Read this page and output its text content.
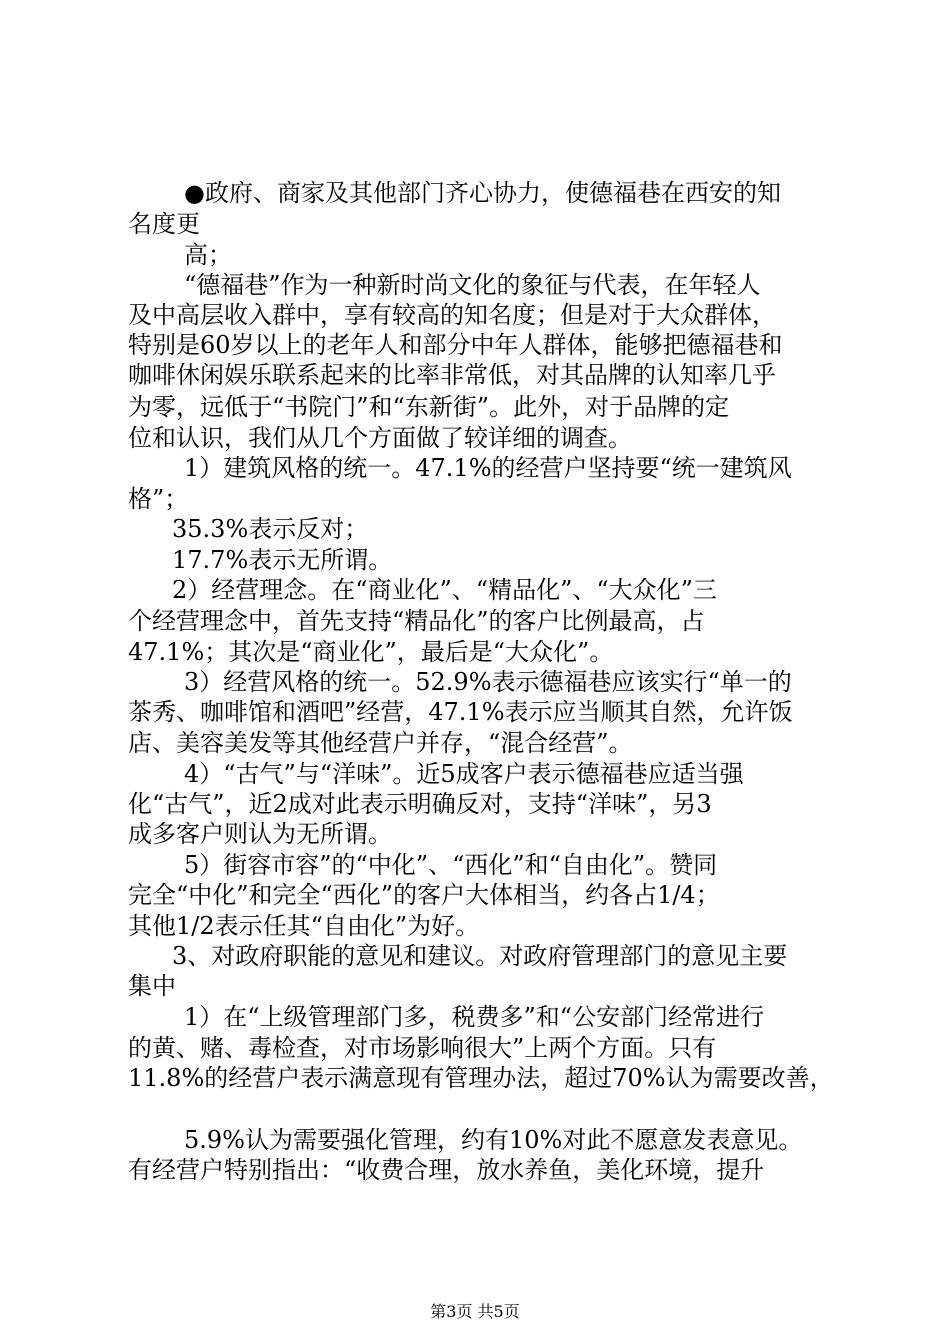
●政府、商家及其他部门齐心协力，使德福巷在西安的知
名度更
高；
“德福巷”作为一种新时尚文化的象征与代表，在年轻人
及中高层收入群中，享有较高的知名度；但是对于大众群体，
特别是60岁以上的老年人和部分中年人群体，能够把德福巷和
咖啡休闲娱乐联系起来的比率非常低，对其品牌的认知率几乎
为零，远低于“书院门”和“东新街”。此外，对于品牌的定
位和认识，我们从几个方面做了较详细的调查。
1）建筑风格的统一。47.1%的经营户坚持要“统一建筑风
格”；
35.3%表示反对；
17.7%表示无所谓。
2）经营理念。在“商业化”、“精品化”、“大众化”三
个经营理念中，首先支持“精品化”的客户比例最高，占
47.1%；其次是“商业化”，最后是“大众化”。
3）经营风格的统一。52.9%表示德福巷应该实行“单一的
茶秀、咖啡馆和酒吧”经营，47.1%表示应当顺其自然，允许饭
店、美容美发等其他经营户并存，“混合经营”。
4）“古气”与“洋味”。近5成客户表示德福巷应适当强
化“古气”，近2成对此表示明确反对，支持“洋味”，另3
成多客户则认为无所谓。
5）街容市容”的“中化”、“西化”和“自由化”。赞同
完全“中化”和完全“西化”的客户大体相当，约各占1/4；
其他1/2表示任其“自由化”为好。
3、对政府职能的意见和建议。对政府管理部门的意见主要
集中
1）在“上级管理部门多，税费多”和“公安部门经常进行
的黄、赌、毒检查，对市场影响很大”上两个方面。只有
11.8%的经营户表示满意现有管理办法，超过70%认为需要改善，
5.9%认为需要强化管理，约有10%对此不愿意发表意见。
有经营户特别指出：“收费合理，放水养鱼，美化环境，提升
第3页 共5页
